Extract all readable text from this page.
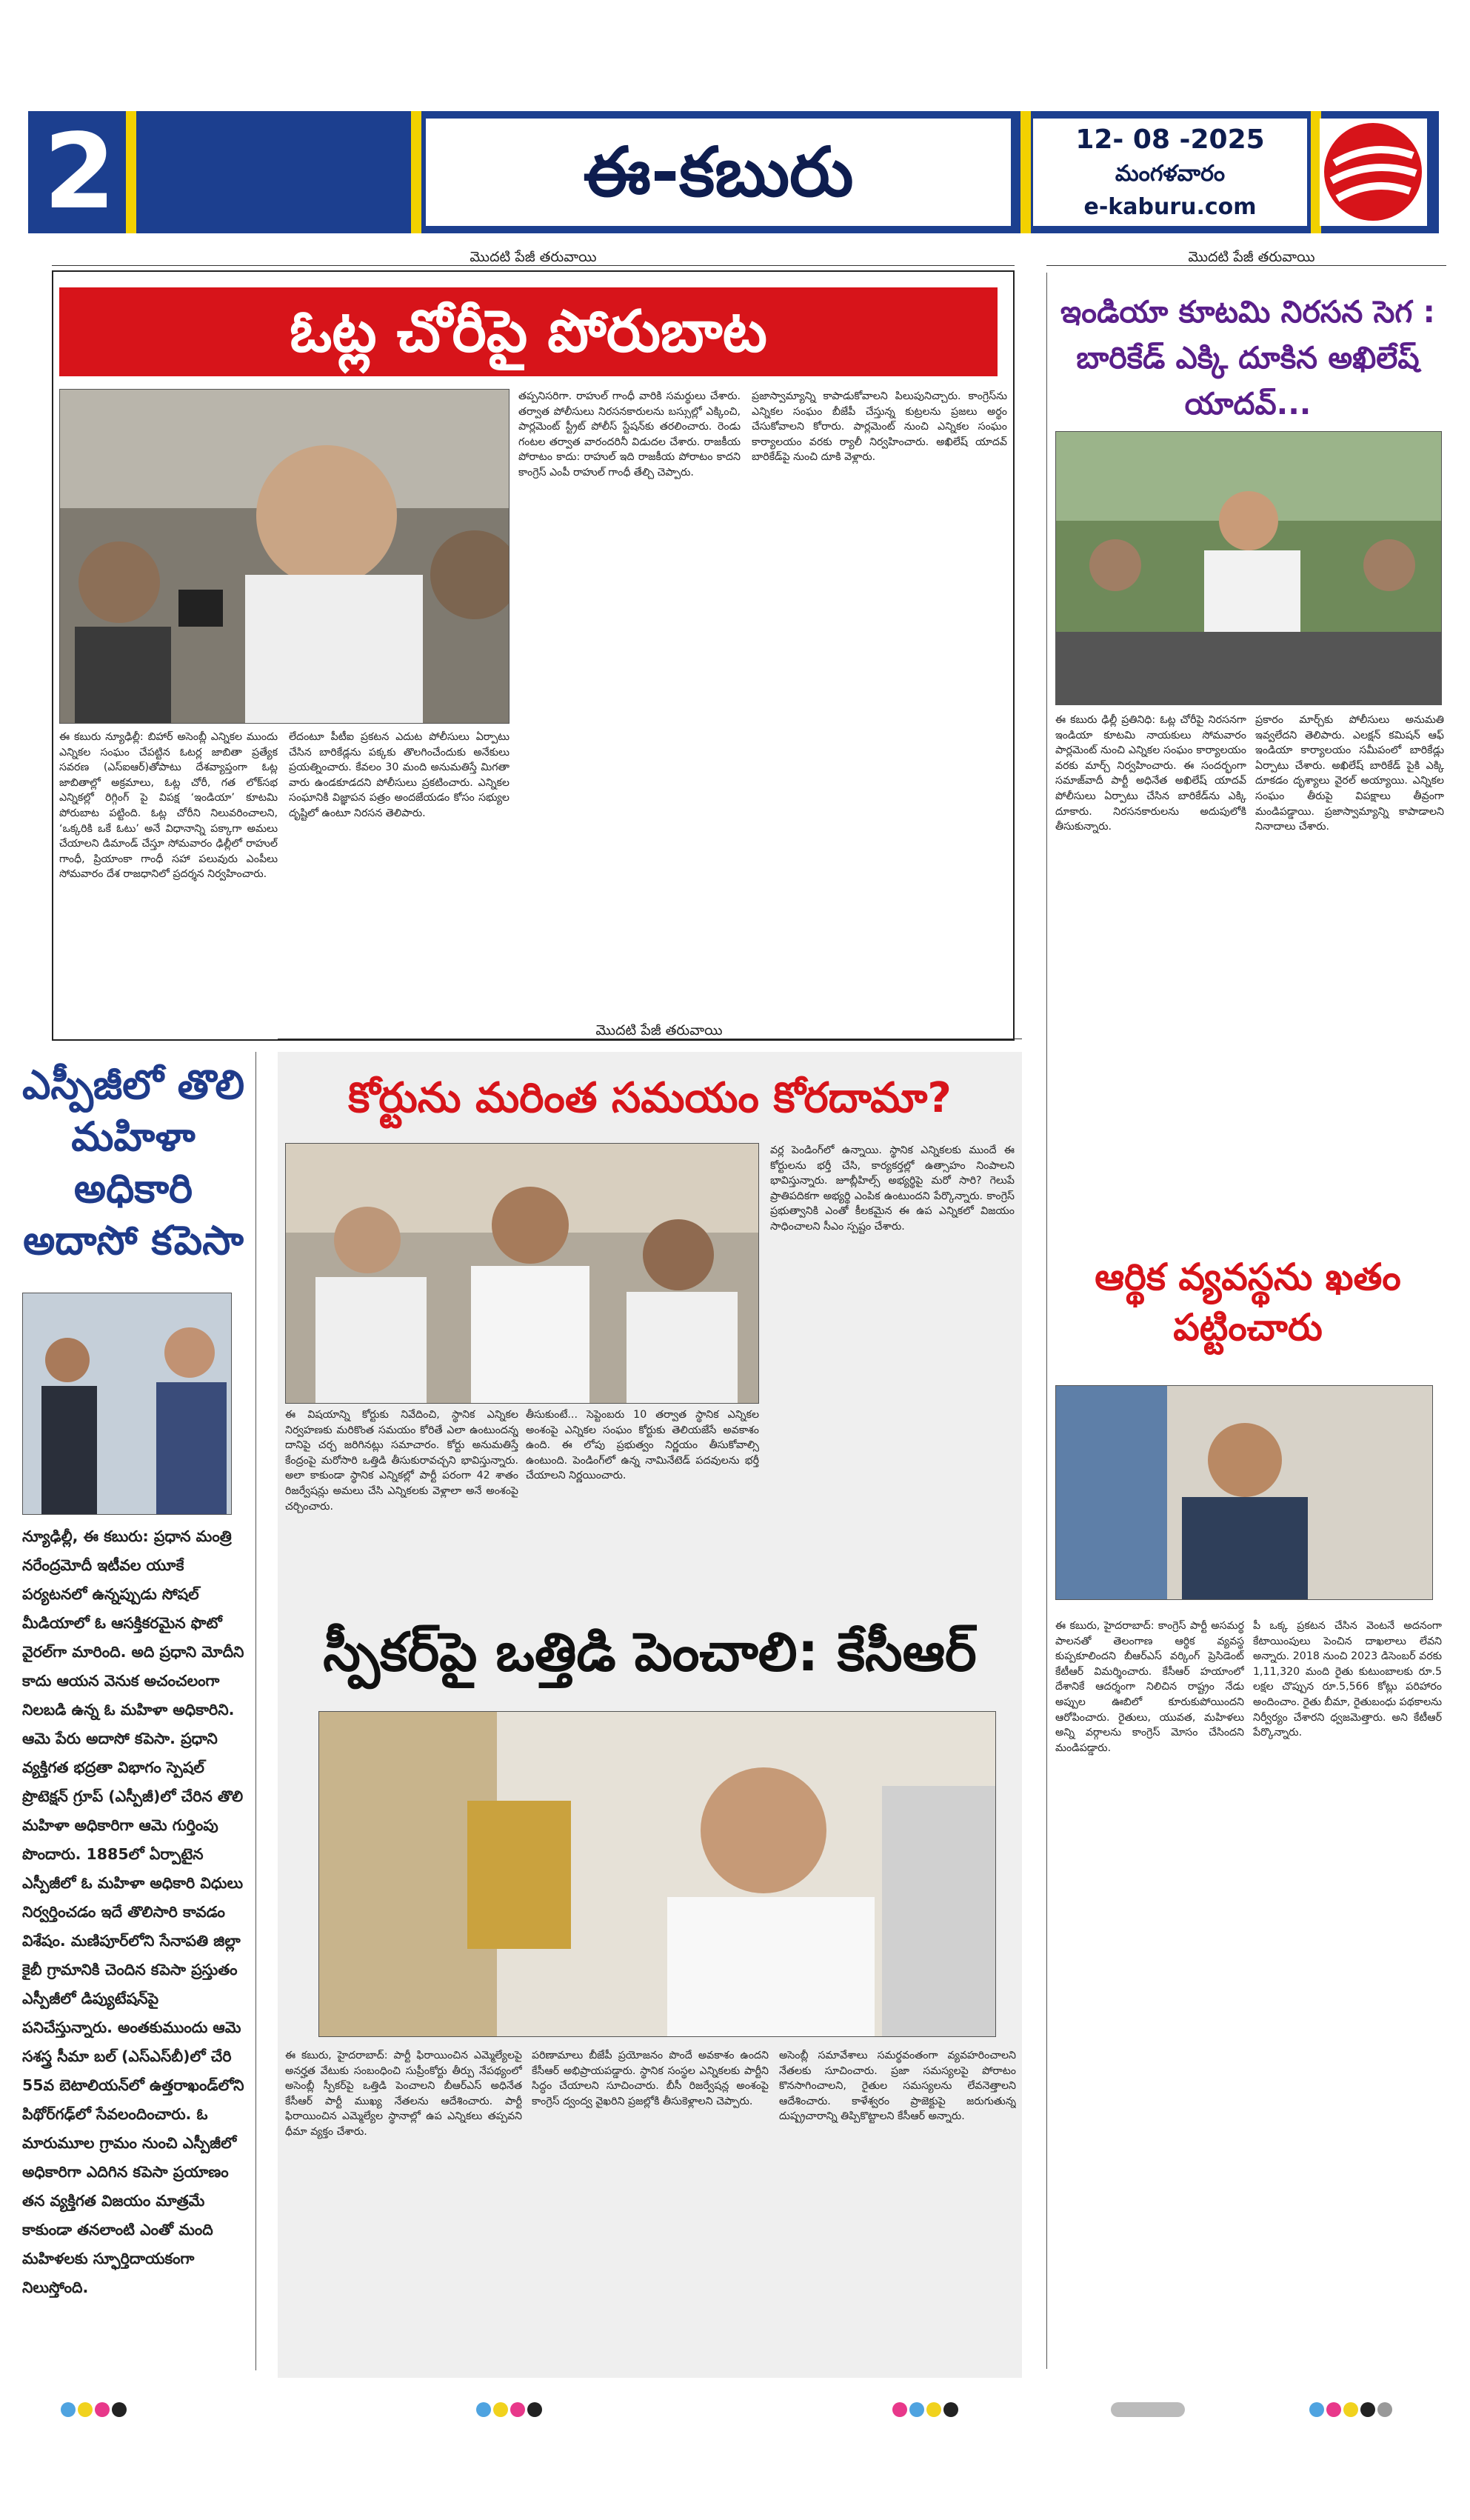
2	ఈ-కబురు	12- 08 -2025
మంగళవారం
e-kaburu.com
మొదటి పేజీ తరువాయి
ఓట్ల చోరీపై పోరుబాట

ఈ కబురు న్యూఢిల్లీ: బిహార్ అసెంబ్లీ ఎన్నికల ముందు ఎన్నికల సంఘం చేపట్టిన ఓటర్ల జాబితా ప్రత్యేక సవరణ (ఎస్ఐఆర్)తోపాటు దేశవ్యాప్తంగా ఓట్ల జాబితాల్లో అక్రమాలు, ఓట్ల చోరీ, గత లోక్‌సభ ఎన్నికల్లో రిగ్గింగ్ పై విపక్ష ‘ఇండియా’ కూటమి పోరుబాట పట్టింది. ఓట్ల చోరీని నిలువరించాలని, ‘ఒక్కరికి ఒకే ఓటు’ అనే విధానాన్ని పక్కాగా అమలు చేయాలని డిమాండ్ చేస్తూ సోమవారం ఢిల్లీలో రాహుల్ గాంధీ, ప్రియాంకా గాంధీ సహా పలువురు ఎంపీలు సోమవారం దేశ రాజధానిలో ప్రదర్శన నిర్వహించారు.

లేదంటూ పీటీఐ ప్రకటన ఎదుట పోలీసులు ఏర్పాటు చేసిన బారికేడ్లను పక్కకు తొలగించేందుకు అనేకులు ప్రయత్నించారు. కేవలం 30 మంది అనుమతిస్తే మిగతా వారు ఉండకూడదని పోలీసులు ప్రకటించారు. ఎన్నికల సంఘానికి విజ్ఞాపన పత్రం అందజేయడం కోసం సభ్యుల దృష్టిలో ఉంటూ నిరసన తెలిపారు.

తప్పనిసరిగా. రాహుల్ గాంధీ వారికి సమర్థులు చేశారు. తర్వాత పోలీసులు నిరసనకారులను బస్సుల్లో ఎక్కించి, పార్లమెంట్ స్ట్రీట్ పోలీస్ స్టేషన్‌కు తరలించారు. రెండు గంటల తర్వాత వారందరినీ విడుదల చేశారు. రాజకీయ పోరాటం కాదు: రాహుల్ ఇది రాజకీయ పోరాటం కాదని కాంగ్రెస్ ఎంపీ రాహుల్ గాంధీ తేల్చి చెప్పారు.

ప్రజాస్వామ్యాన్ని కాపాడుకోవాలని పిలుపునిచ్చారు. కాంగ్రెస్‌ను ఎన్నికల సంఘం బీజేపీ చేస్తున్న కుట్రలను ప్రజలు అర్థం చేసుకోవాలని కోరారు. పార్లమెంట్ నుంచి ఎన్నికల సంఘం కార్యాలయం వరకు ర్యాలీ నిర్వహించారు. అఖిలేష్ యాదవ్ బారికేడ్‌పై నుంచి దూకి వెళ్లారు.

మొదటి పేజీ తరువాయి
ఇండియా కూటమి నిరసన సెగ : బారికేడ్ ఎక్కి దూకిన అఖిలేష్ యాదవ్...

ఈ కబురు ఢిల్లీ ప్రతినిధి: ఓట్ల చోరీపై నిరసనగా ఇండియా కూటమి నాయకులు సోమవారం పార్లమెంట్ నుంచి ఎన్నికల సంఘం కార్యాలయం వరకు మార్చ్ నిర్వహించారు. ఈ సందర్భంగా సమాజ్‌వాదీ పార్టీ అధినేత అఖిలేష్ యాదవ్ పోలీసులు ఏర్పాటు చేసిన బారికేడ్‌ను ఎక్కి దూకారు. నిరసనకారులను అదుపులోకి తీసుకున్నారు.

ప్రకారం మార్చ్‌కు పోలీసులు అనుమతి ఇవ్వలేదని తెలిపారు. ఎలక్షన్ కమిషన్ ఆఫ్ ఇండియా కార్యాలయం సమీపంలో బారికేడ్లు ఏర్పాటు చేశారు. అఖిలేష్ బారికేడ్ పైకి ఎక్కి దూకడం దృశ్యాలు వైరల్ అయ్యాయి. ఎన్నికల సంఘం తీరుపై విపక్షాలు తీవ్రంగా మండిపడ్డాయి. ప్రజాస్వామ్యాన్ని కాపాడాలని నినాదాలు చేశారు.

ఆర్థిక వ్యవస్థను ఖతం పట్టించారు

ఈ కబురు, హైదరాబాద్: కాంగ్రెస్ పార్టీ అసమర్థ పాలనతో తెలంగాణ ఆర్థిక వ్యవస్థ కుప్పకూలిందని బీఆర్ఎస్ వర్కింగ్ ప్రెసిడెంట్ కేటీఆర్ విమర్శించారు. కేసీఆర్ హయాంలో దేశానికే ఆదర్శంగా నిలిచిన రాష్ట్రం నేడు అప్పుల ఊబిలో కూరుకుపోయిందని ఆరోపించారు. రైతులు, యువత, మహిళలు అన్ని వర్గాలను కాంగ్రెస్ మోసం చేసిందని మండిపడ్డారు.

పీ ఒక్క ప్రకటన చేసిన వెంటనే అదనంగా కేటాయింపులు పెంచిన దాఖలాలు లేవని అన్నారు. 2018 నుంచి 2023 డిసెంబర్ వరకు 1,11,320 మంది రైతు కుటుంబాలకు రూ.5 లక్షల చొప్పున రూ.5,566 కోట్లు పరిహారం అందించాం. రైతు బీమా, రైతుబంధు పథకాలను నిర్వీర్యం చేశారని ధ్వజమెత్తారు. అని కేటీఆర్ పేర్కొన్నారు.

ఎస్పీజీలో తొలి మహిళా అధికారి అదాసో కపెసా

న్యూఢిల్లీ, ఈ కబురు: ప్రధాన మంత్రి నరేంద్రమోదీ ఇటీవల యూకే పర్యటనలో ఉన్నప్పుడు సోషల్ మీడియాలో ఓ ఆసక్తికరమైన ఫొటో వైరల్‌గా మారింది. అది ప్రధాని మోదీని కాదు ఆయన వెనుక అచంచలంగా నిలబడి ఉన్న ఓ మహిళా అధికారిని. ఆమె పేరు అదాసో కపెసా. ప్రధాని వ్యక్తిగత భద్రతా విభాగం స్పెషల్ ప్రొటెక్షన్ గ్రూప్ (ఎస్పీజీ)లో చేరిన తొలి మహిళా అధికారిగా ఆమె గుర్తింపు పొందారు. 1885లో ఏర్పాటైన ఎస్పీజీలో ఓ మహిళా అధికారి విధులు నిర్వర్తించడం ఇదే తొలిసారి కావడం విశేషం. మణిపూర్‌లోని సేనాపతి జిల్లా కైబీ గ్రామానికి చెందిన కపెసా ప్రస్తుతం ఎస్పీజీలో డిప్యుటేషన్‌పై పనిచేస్తున్నారు. అంతకుముందు ఆమె సశస్త్ర సీమా బల్ (ఎస్ఎస్‌బీ)లో చేరి 55వ బెటాలియన్‌లో ఉత్తరాఖండ్‌లోని పిథోర్‌గఢ్‌లో సేవలందించారు. ఓ మారుమూల గ్రామం నుంచి ఎస్పీజీలో అధికారిగా ఎదిగిన కపెసా ప్రయాణం తన వ్యక్తిగత విజయం మాత్రమే కాకుండా తనలాంటి ఎంతో మంది మహిళలకు స్ఫూర్తిదాయకంగా నిలుస్తోంది.

మొదటి పేజీ తరువాయి
కోర్టును మరింత సమయం కోరదామా?

ఈ విషయాన్ని కోర్టుకు నివేదించి, స్థానిక ఎన్నికల నిర్వహణకు మరికొంత సమయం కోరితే ఎలా ఉంటుందన్న దానిపై చర్చ జరిగినట్లు సమాచారం. కోర్టు అనుమతిస్తే కేంద్రంపై మరోసారి ఒత్తిడి తీసుకురావచ్చని భావిస్తున్నారు. అలా కాకుండా స్థానిక ఎన్నికల్లో పార్టీ పరంగా 42 శాతం రిజర్వేషన్లు అమలు చేసి ఎన్నికలకు వెళ్లాలా అనే అంశంపై చర్చించారు.

తీసుకుంటే... సెప్టెంబరు 10 తర్వాత స్థానిక ఎన్నికల అంశంపై ఎన్నికల సంఘం కోర్టుకు తెలియజేసే అవకాశం ఉంది. ఈ లోపు ప్రభుత్వం నిర్ణయం తీసుకోవాల్సి ఉంటుంది. పెండింగ్‌లో ఉన్న నామినేటెడ్ పదవులను భర్తీ చేయాలని నిర్ణయించారు.

వర్ల పెండింగ్‌లో ఉన్నాయి. స్థానిక ఎన్నికలకు ముందే ఈ కోర్టులను భర్తీ చేసి, కార్యకర్తల్లో ఉత్సాహం నింపాలని భావిస్తున్నారు. జూబ్లీహిల్స్ అభ్యర్థిపై మరో సారి? గెలుపే ప్రాతిపదికగా అభ్యర్థి ఎంపిక ఉంటుందని పేర్కొన్నారు. కాంగ్రెస్ ప్రభుత్వానికి ఎంతో కీలకమైన ఈ ఉప ఎన్నికలో విజయం సాధించాలని సీఎం స్పష్టం చేశారు.

స్పీకర్‌పై ఒత్తిడి పెంచాలి: కేసీఆర్

ఈ కబురు, హైదరాబాద్: పార్టీ ఫిరాయించిన ఎమ్మెల్యేలపై అనర్హత వేటుకు సంబంధించి సుప్రీంకోర్టు తీర్పు నేపథ్యంలో అసెంబ్లీ స్పీకర్‌పై ఒత్తిడి పెంచాలని బీఆర్ఎస్ అధినేత కేసీఆర్ పార్టీ ముఖ్య నేతలను ఆదేశించారు. పార్టీ ఫిరాయించిన ఎమ్మెల్యేల స్థానాల్లో ఉప ఎన్నికలు తప్పవని ధీమా వ్యక్తం చేశారు.

పరిణామాలు బీజేపీ ప్రయోజనం పొందే అవకాశం ఉందని కేసీఆర్ అభిప్రాయపడ్డారు. స్థానిక సంస్థల ఎన్నికలకు పార్టీని సిద్ధం చేయాలని సూచించారు. బీసీ రిజర్వేషన్ల అంశంపై కాంగ్రెస్ ద్వంద్వ వైఖరిని ప్రజల్లోకి తీసుకెళ్లాలని చెప్పారు.

అసెంబ్లీ సమావేశాలు సమర్థవంతంగా వ్యవహరించాలని నేతలకు సూచించారు. ప్రజా సమస్యలపై పోరాటం కొనసాగించాలని, రైతుల సమస్యలను లేవనెత్తాలని ఆదేశించారు. కాళేశ్వరం ప్రాజెక్టుపై జరుగుతున్న దుష్ప్రచారాన్ని తిప్పికొట్టాలని కేసీఆర్ అన్నారు.
